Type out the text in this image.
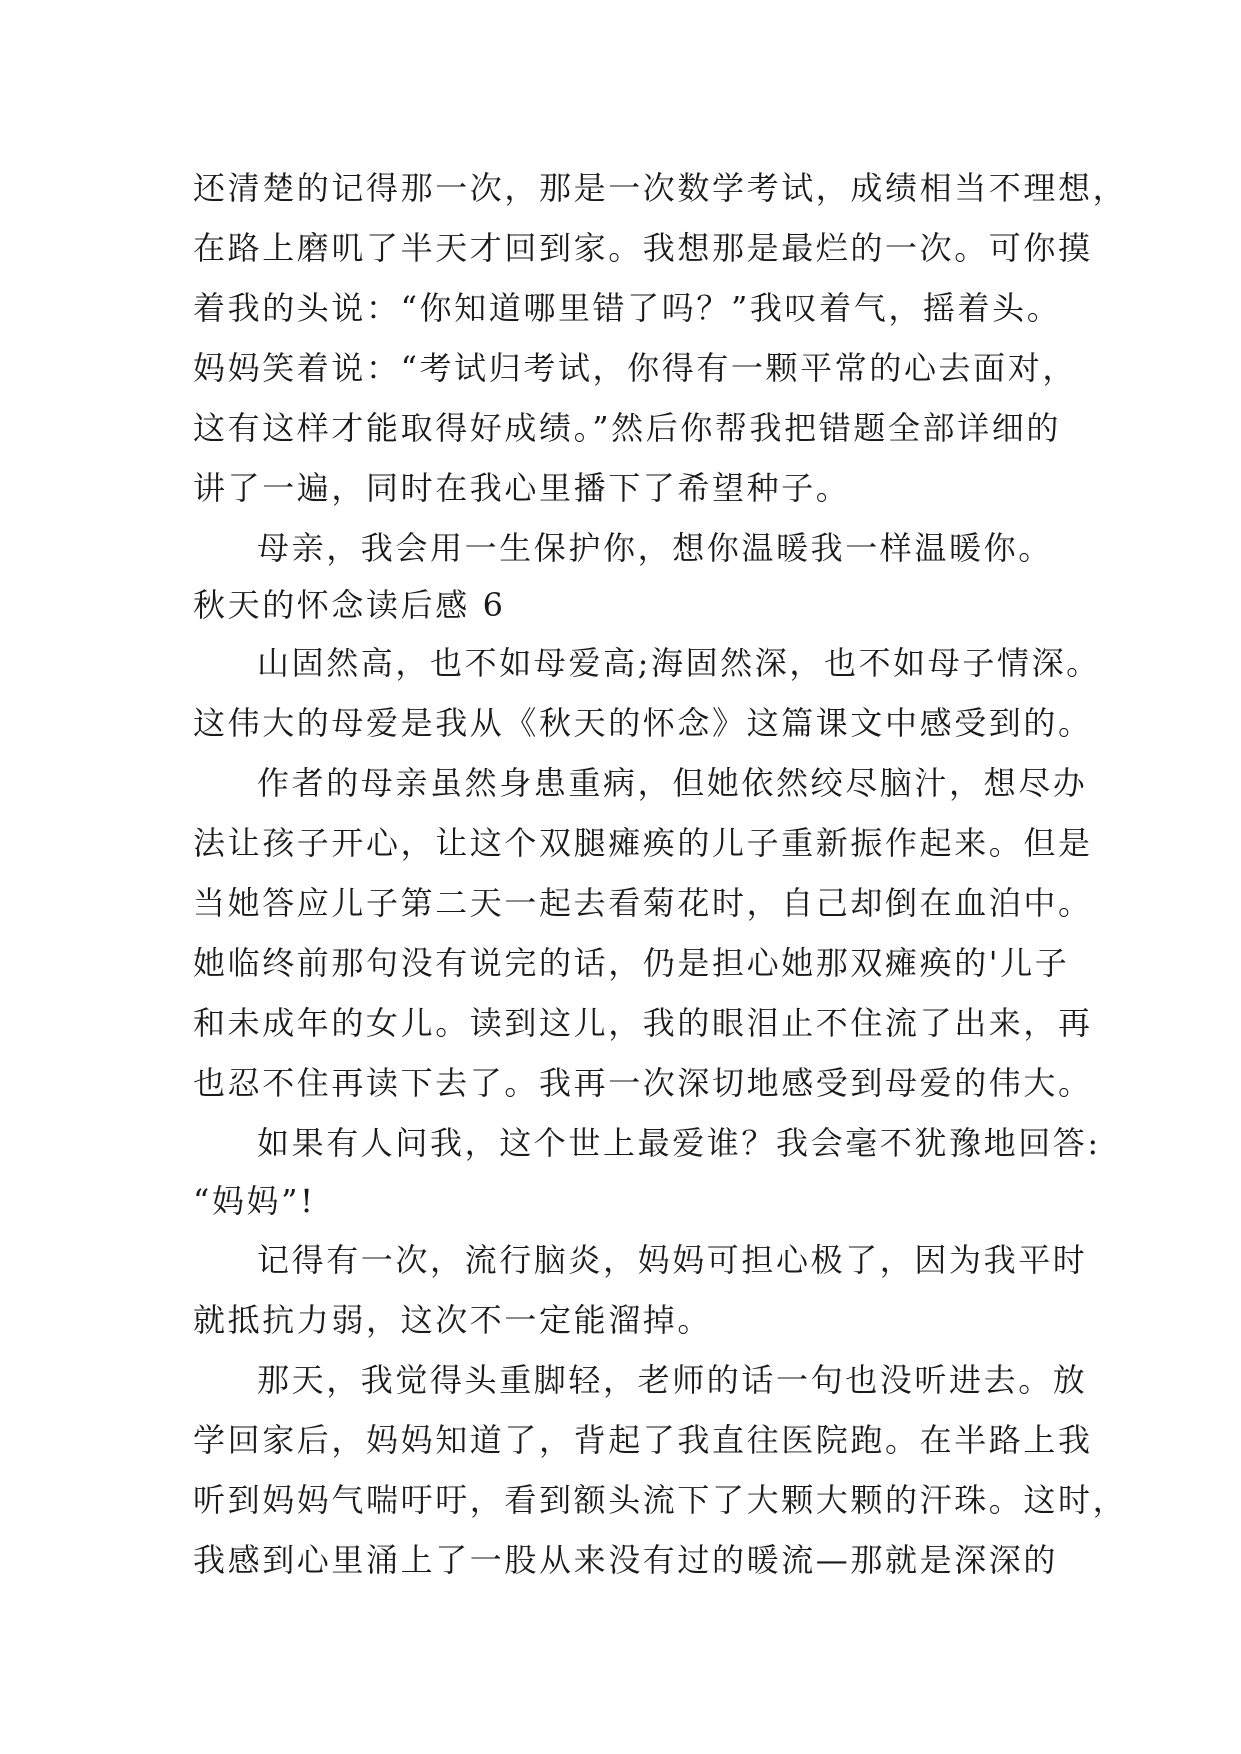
还清楚的记得那一次，那是一次数学考试，成绩相当不理想，
在路上磨叽了半天才回到家。我想那是最烂的一次。可你摸
着我的头说：“你知道哪里错了吗？”我叹着气，摇着头。
妈妈笑着说：“考试归考试，你得有一颗平常的心去面对，
这有这样才能取得好成绩。”然后你帮我把错题全部详细的
讲了一遍，同时在我心里播下了希望种子。
母亲，我会用一生保护你，想你温暖我一样温暖你。
秋天的怀念读后感 6
山固然高，也不如母爱高;海固然深，也不如母子情深。
这伟大的母爱是我从《秋天的怀念》这篇课文中感受到的。
作者的母亲虽然身患重病，但她依然绞尽脑汁，想尽办
法让孩子开心，让这个双腿瘫痪的儿子重新振作起来。但是
当她答应儿子第二天一起去看菊花时，自己却倒在血泊中。
她临终前那句没有说完的话，仍是担心她那双瘫痪的'儿子
和未成年的女儿。读到这儿，我的眼泪止不住流了出来，再
也忍不住再读下去了。我再一次深切地感受到母爱的伟大。
如果有人问我，这个世上最爱谁？我会毫不犹豫地回答:
“妈妈”!
记得有一次，流行脑炎，妈妈可担心极了，因为我平时
就抵抗力弱，这次不一定能溜掉。
那天，我觉得头重脚轻，老师的话一句也没听进去。放
学回家后，妈妈知道了，背起了我直往医院跑。在半路上我
听到妈妈气喘吁吁，看到额头流下了大颗大颗的汗珠。这时，
我感到心里涌上了一股从来没有过的暖流—那就是深深的
